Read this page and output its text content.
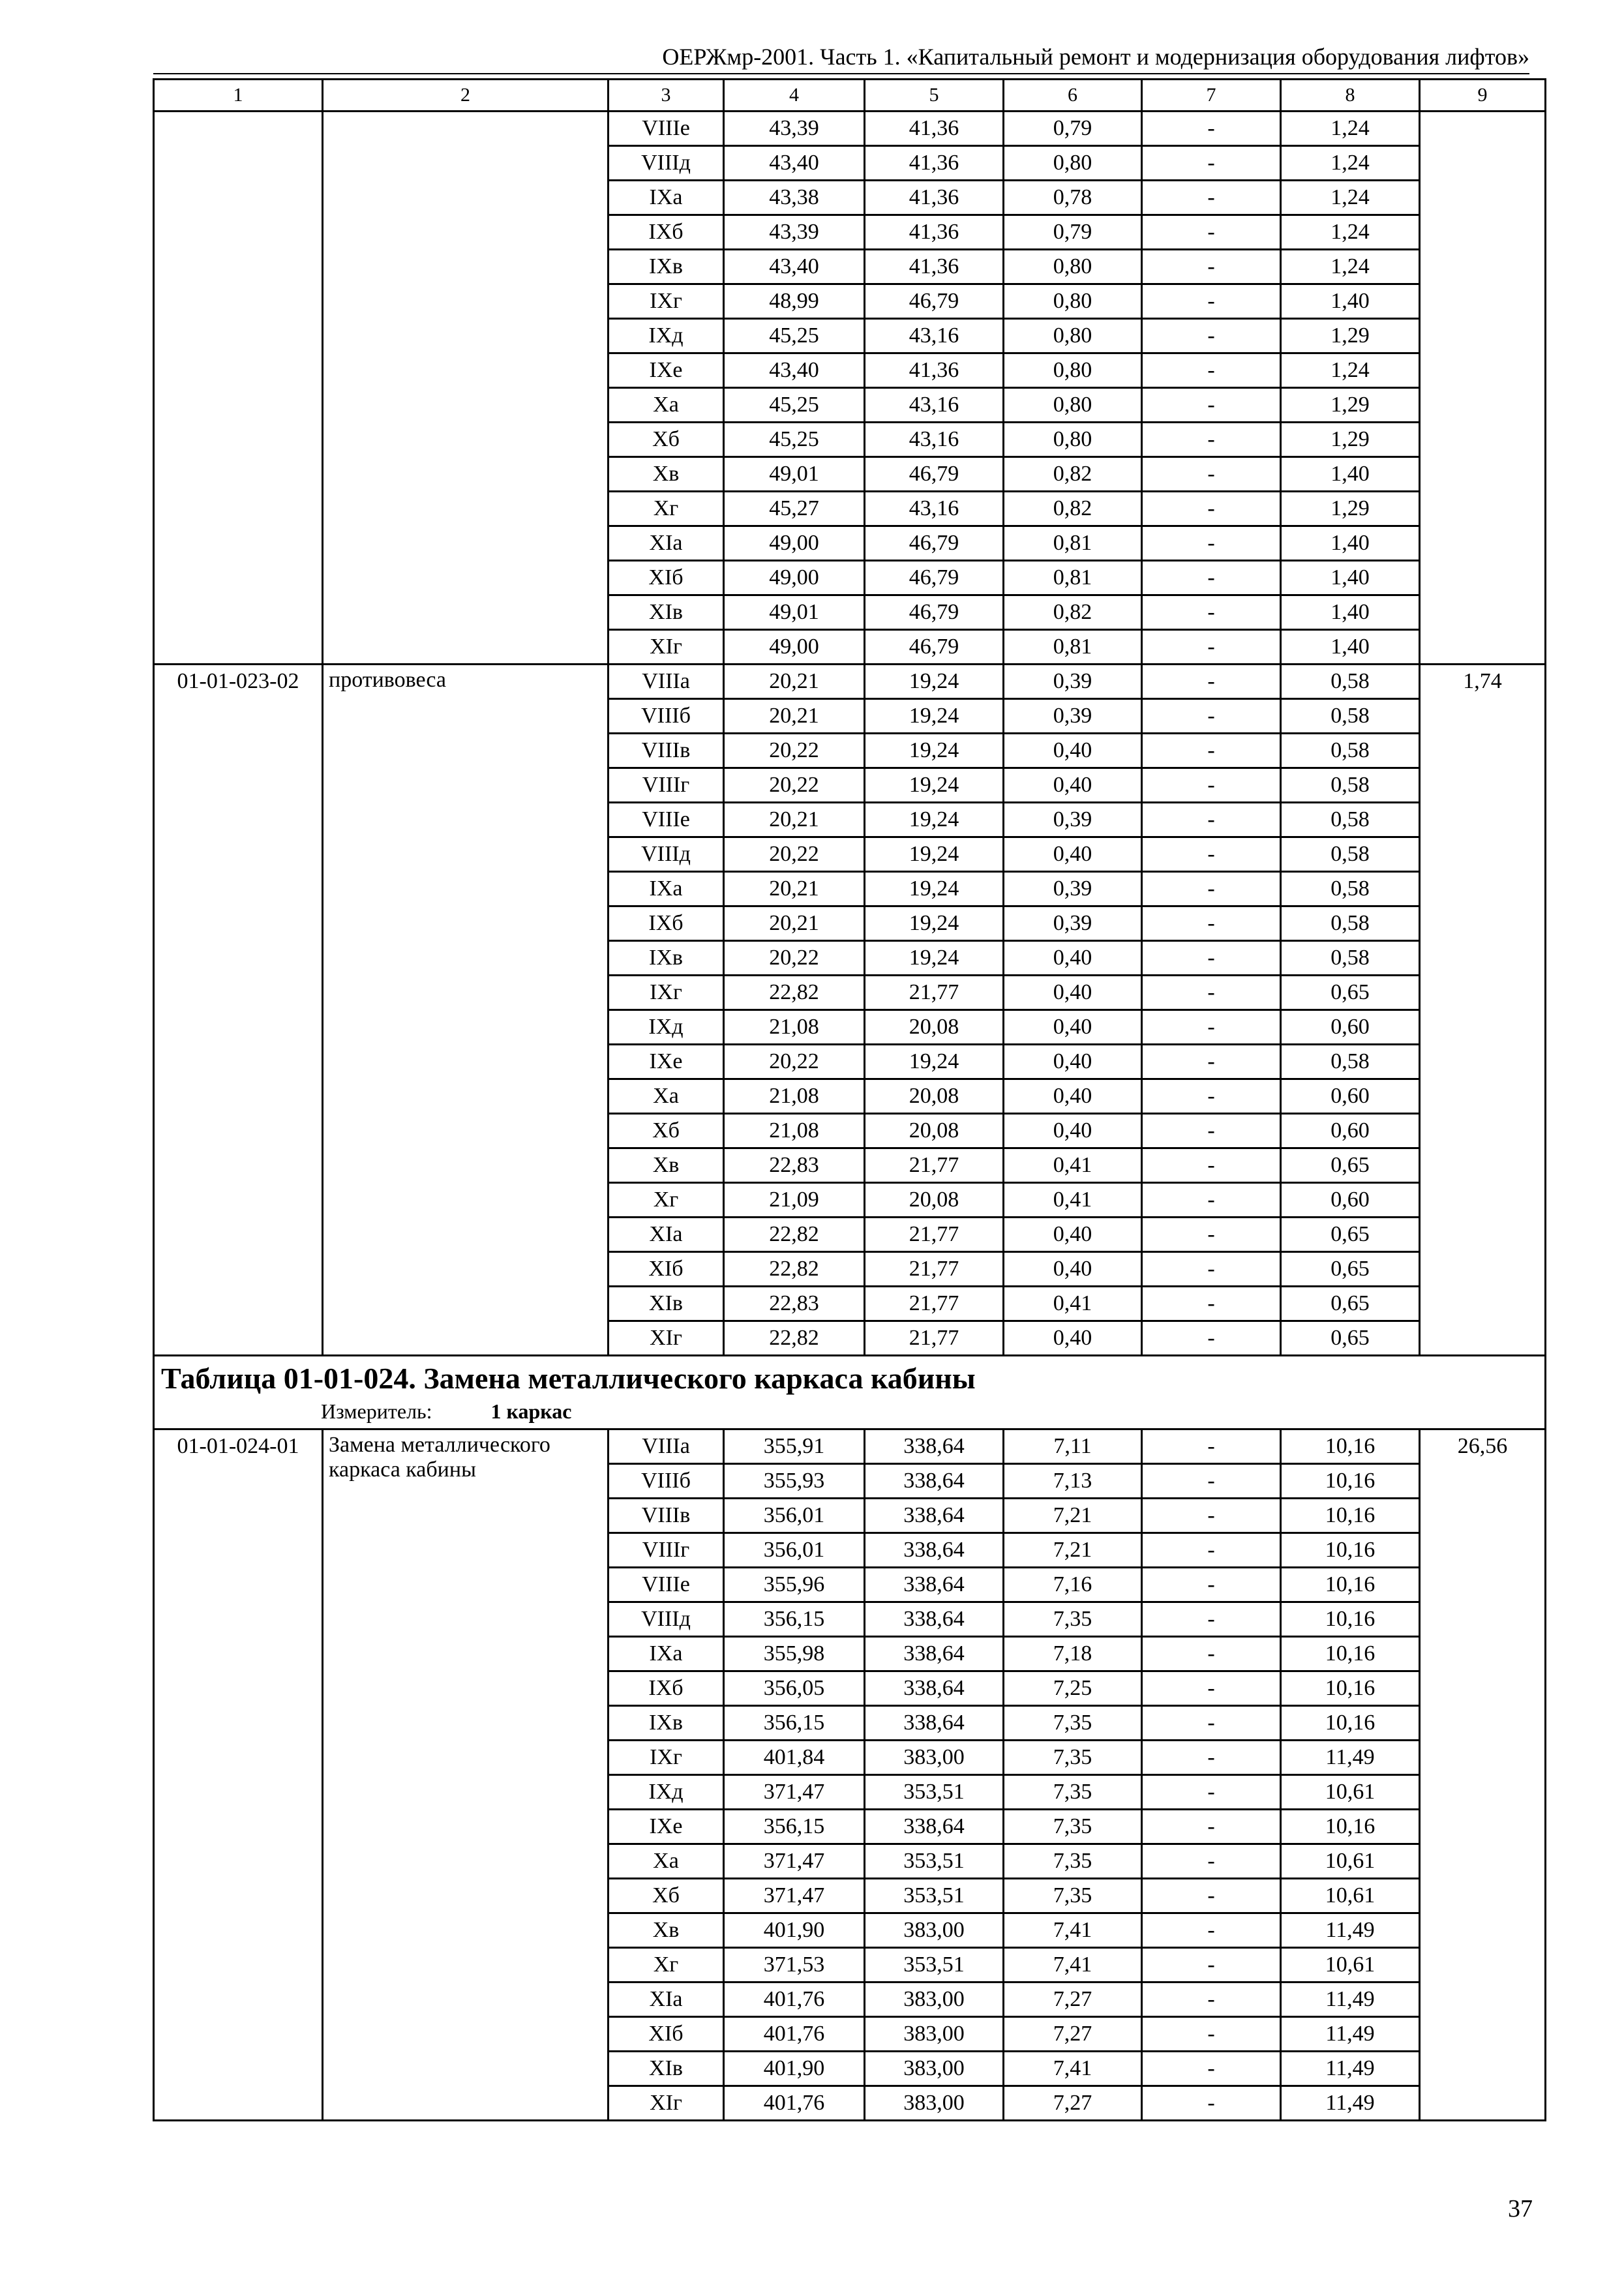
ОЕРЖмр-2001. Часть 1. «Капитальный ремонт и модернизация оборудования лифтов»
1	2	3	4	5	6	7	8	9
		VIIIе	43,39	41,36	0,79	-	1,24	
		VIIIд	43,40	41,36	0,80	-	1,24	
		IXа	43,38	41,36	0,78	-	1,24	
		IXб	43,39	41,36	0,79	-	1,24	
		IXв	43,40	41,36	0,80	-	1,24	
		IXг	48,99	46,79	0,80	-	1,40	
		IXд	45,25	43,16	0,80	-	1,29	
		IXе	43,40	41,36	0,80	-	1,24	
		Xа	45,25	43,16	0,80	-	1,29	
		Xб	45,25	43,16	0,80	-	1,29	
		Xв	49,01	46,79	0,82	-	1,40	
		Xг	45,27	43,16	0,82	-	1,29	
		XIа	49,00	46,79	0,81	-	1,40	
		XIб	49,00	46,79	0,81	-	1,40	
		XIв	49,01	46,79	0,82	-	1,40	
		XIг	49,00	46,79	0,81	-	1,40	
01-01-023-02	противовеса	VIIIа	20,21	19,24	0,39	-	0,58	1,74
		VIIIб	20,21	19,24	0,39	-	0,58	
		VIIIв	20,22	19,24	0,40	-	0,58	
		VIIIг	20,22	19,24	0,40	-	0,58	
		VIIIе	20,21	19,24	0,39	-	0,58	
		VIIIд	20,22	19,24	0,40	-	0,58	
		IXа	20,21	19,24	0,39	-	0,58	
		IXб	20,21	19,24	0,39	-	0,58	
		IXв	20,22	19,24	0,40	-	0,58	
		IXг	22,82	21,77	0,40	-	0,65	
		IXд	21,08	20,08	0,40	-	0,60	
		IXе	20,22	19,24	0,40	-	0,58	
		Xа	21,08	20,08	0,40	-	0,60	
		Xб	21,08	20,08	0,40	-	0,60	
		Xв	22,83	21,77	0,41	-	0,65	
		Xг	21,09	20,08	0,41	-	0,60	
		XIа	22,82	21,77	0,40	-	0,65	
		XIб	22,82	21,77	0,40	-	0,65	
		XIв	22,83	21,77	0,41	-	0,65	
		XIг	22,82	21,77	0,40	-	0,65	

Таблица 01-01-024. Замена металлического каркаса кабины
Измеритель: 1 каркас								

01-01-024-01	Замена металлического каркаса кабины	VIIIа	355,91	338,64	7,11	-	10,16	26,56
		VIIIб	355,93	338,64	7,13	-	10,16	
		VIIIв	356,01	338,64	7,21	-	10,16	
		VIIIг	356,01	338,64	7,21	-	10,16	
		VIIIе	355,96	338,64	7,16	-	10,16	
		VIIIд	356,15	338,64	7,35	-	10,16	
		IXа	355,98	338,64	7,18	-	10,16	
		IXб	356,05	338,64	7,25	-	10,16	
		IXв	356,15	338,64	7,35	-	10,16	
		IXг	401,84	383,00	7,35	-	11,49	
		IXд	371,47	353,51	7,35	-	10,61	
		IXе	356,15	338,64	7,35	-	10,16	
		Xа	371,47	353,51	7,35	-	10,61	
		Xб	371,47	353,51	7,35	-	10,61	
		Xв	401,90	383,00	7,41	-	11,49	
		Xг	371,53	353,51	7,41	-	10,61	
		XIа	401,76	383,00	7,27	-	11,49	
		XIб	401,76	383,00	7,27	-	11,49	
		XIв	401,90	383,00	7,41	-	11,49	
		XIг	401,76	383,00	7,27	-	11,49	
37
